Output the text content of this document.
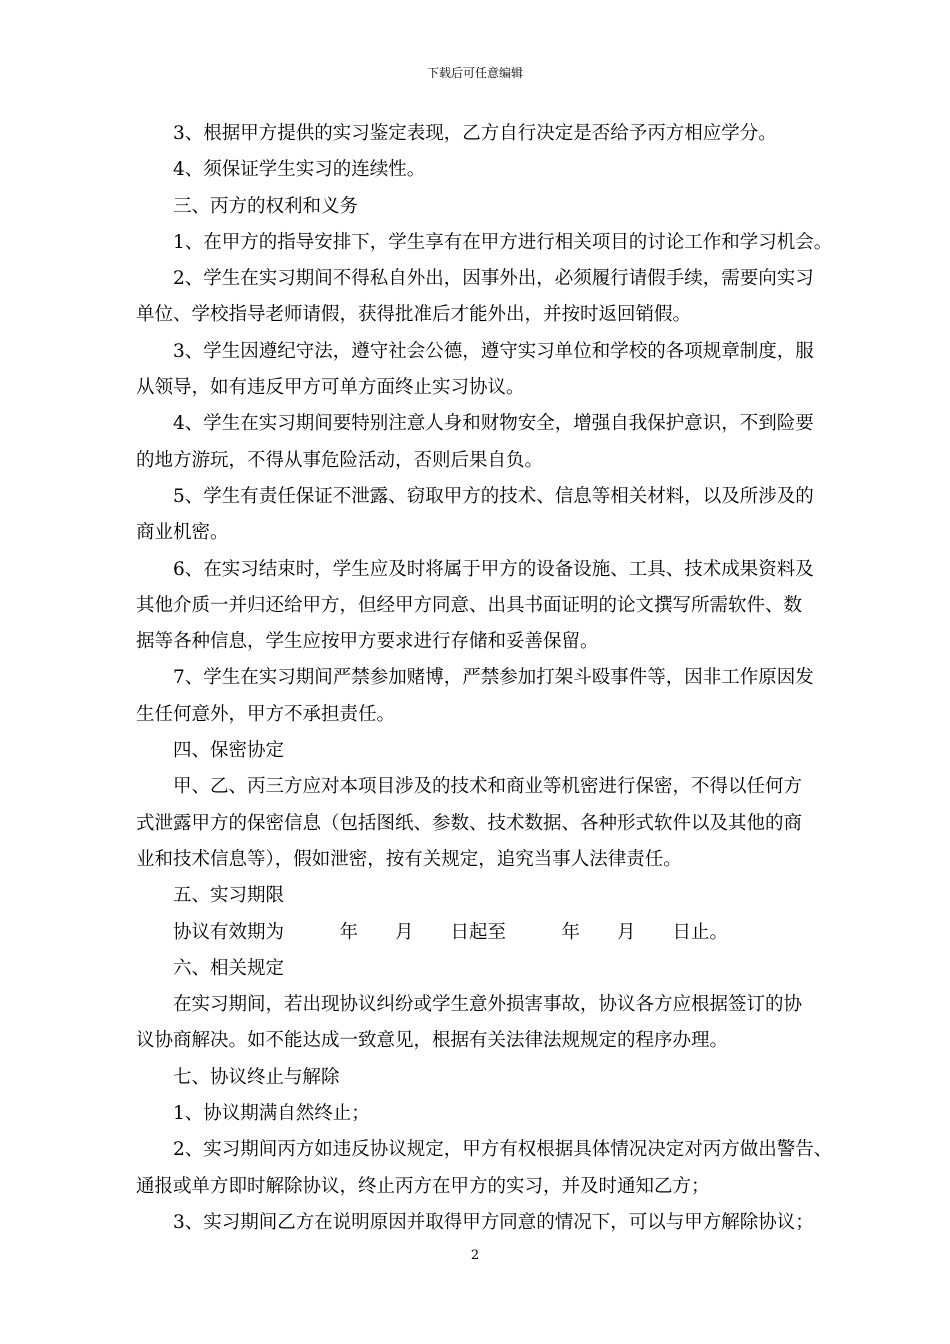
下载后可任意编辑

3、根据甲方提供的实习鉴定表现，乙方自行决定是否给予丙方相应学分。

4、须保证学生实习的连续性。

三、丙方的权利和义务

1、在甲方的指导安排下，学生享有在甲方进行相关项目的讨论工作和学习机会。

2、学生在实习期间不得私自外出，因事外出，必须履行请假手续，需要向实习
单位、学校指导老师请假，获得批准后才能外出，并按时返回销假。

3、学生因遵纪守法，遵守社会公德，遵守实习单位和学校的各项规章制度，服
从领导，如有违反甲方可单方面终止实习协议。

4、学生在实习期间要特别注意人身和财物安全，增强自我保护意识，不到险要
的地方游玩，不得从事危险活动，否则后果自负。

5、学生有责任保证不泄露、窃取甲方的技术、信息等相关材料，以及所涉及的
商业机密。

6、在实习结束时，学生应及时将属于甲方的设备设施、工具、技术成果资料及
其他介质一并归还给甲方，但经甲方同意、出具书面证明的论文撰写所需软件、数
据等各种信息，学生应按甲方要求进行存储和妥善保留。

7、学生在实习期间严禁参加赌博，严禁参加打架斗殴事件等，因非工作原因发
生任何意外，甲方不承担责任。

四、保密协定

甲、乙、丙三方应对本项目涉及的技术和商业等机密进行保密，不得以任何方
式泄露甲方的保密信息（包括图纸、参数、技术数据、各种形式软件以及其他的商
业和技术信息等），假如泄密，按有关规定，追究当事人法律责任。

五、实习期限

协议有效期为　　　年　　月　　日起至　　　年　　月　　日止。

六、相关规定

在实习期间，若出现协议纠纷或学生意外损害事故，协议各方应根据签订的协
议协商解决。如不能达成一致意见，根据有关法律法规规定的程序办理。

七、协议终止与解除

1、协议期满自然终止；

2、实习期间丙方如违反协议规定，甲方有权根据具体情况决定对丙方做出警告、
通报或单方即时解除协议，终止丙方在甲方的实习，并及时通知乙方；

3、实习期间乙方在说明原因并取得甲方同意的情况下，可以与甲方解除协议；

2
